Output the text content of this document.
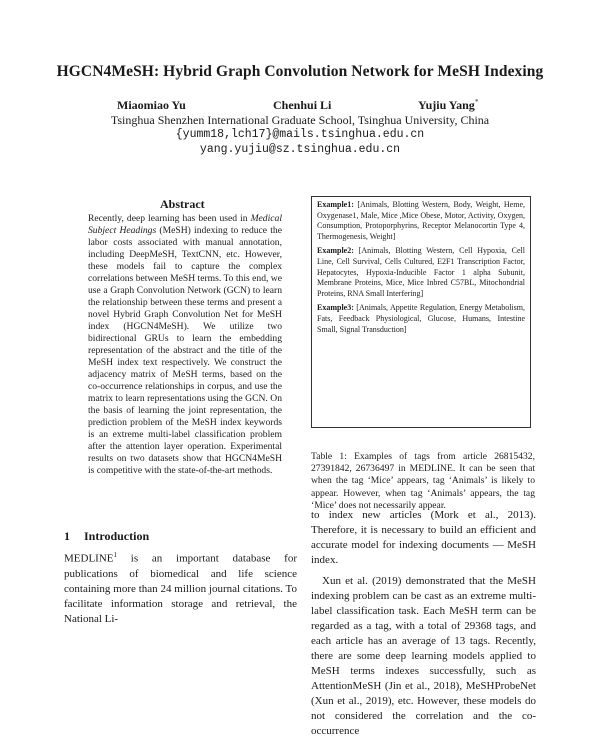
HGCN4MeSH: Hybrid Graph Convolution Network for MeSH Indexing
Miaomiao Yu	Chenhui Li	Yujiu Yang*
Tsinghua Shenzhen International Graduate School, Tsinghua University, China
{yumm18,lch17}@mails.tsinghua.edu.cn
yang.yujiu@sz.tsinghua.edu.cn
Abstract
Recently, deep learning has been used in Medical Subject Headings (MeSH) indexing to reduce the labor costs associated with manual annotation, including DeepMeSH, TextCNN, etc. However, these models fail to capture the complex correlations between MeSH terms. To this end, we use a Graph Convolution Network (GCN) to learn the relationship between these terms and present a novel Hybrid Graph Convolution Net for MeSH index (HGCN4MeSH). We utilize two bidirectional GRUs to learn the embedding representation of the abstract and the title of the MeSH index text respectively. We construct the adjacency matrix of MeSH terms, based on the co-occurrence relationships in corpus, and use the matrix to learn representations using the GCN. On the basis of learning the joint representation, the prediction problem of the MeSH index keywords is an extreme multi-label classification problem after the attention layer operation. Experimental results on two datasets show that HGCN4MeSH is competitive with the state-of-the-art methods.
1 Introduction
MEDLINE$^1$ is an important database for publications of biomedical and life science containing more than 24 million journal citations. To facilitate information storage and retrieval, the National Li-
Example1: [Animals, Blotting Western, Body, Weight, Heme, Oxygenase1, Male, Mice ,Mice Obese, Motor, Activity, Oxygen, Consumption, Protoporphyrins, Receptor Melanocortin Type 4, Thermogenesis, Weight]
Example2: [Animals, Blotting Western, Cell Hypoxia, Cell Line, Cell Survival, Cells Cultured, E2F1 Transcription Factor, Hepatocytes, Hypoxia-Inducible Factor 1 alpha Subunit, Membrane Proteins, Mice, Mice Inbred C57BL, Mitochondrial Proteins, RNA Small Interfering]
Example3: [Animals, Appetite Regulation, Energy Metabolism, Fats, Feedback Physiological, Glucose, Humans, Intestine Small, Signal Transduction]
Table 1: Examples of tags from article 26815432, 27391842, 26736497 in MEDLINE. It can be seen that when the tag ‘Mice’ appears, tag ‘Animals’ is likely to appear. However, when tag ‘Animals’ appears, the tag ‘Mice’ does not necessarily appear.

to index new articles (Mork et al., 2013). Therefore, it is necessary to build an efficient and accurate model for indexing documents — MeSH index.

Xun et al. (2019) demonstrated that the MeSH indexing problem can be cast as an extreme multi-label classification task. Each MeSH term can be regarded as a tag, with a total of 29368 tags, and each article has an average of 13 tags. Recently, there are some deep learning models applied to MeSH terms indexes successfully, such as AttentionMeSH (Jin et al., 2018), MeSHProbeNet (Xun et al., 2019), etc. However, these models do not considered the correlation and the co-occurrence
